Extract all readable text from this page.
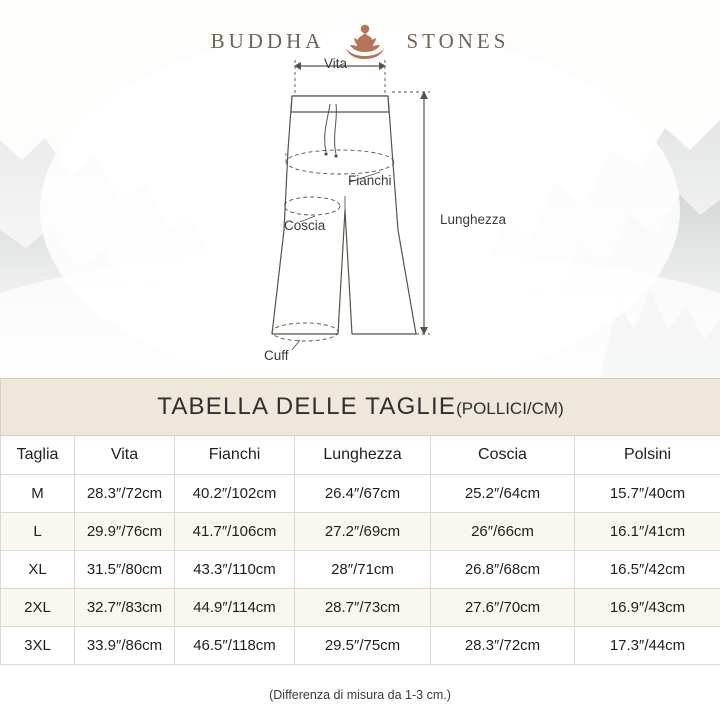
BUDDHA	STONES
Vita
Fianchi
Coscia	Lunghezza
Cuff
TABELLA DELLE TAGLIE(POLLICI/CM)					
Taglia	Vita	Fianchi	Lunghezza	Coscia	Polsini
M	28.3″/72cm	40.2″/102cm	26.4″/67cm	25.2″/64cm	15.7″/40cm
L	29.9″/76cm	41.7″/106cm	27.2″/69cm	26″/66cm	16.1″/41cm
XL	31.5″/80cm	43.3″/110cm	28″/71cm	26.8″/68cm	16.5″/42cm
2XL	32.7″/83cm	44.9″/114cm	28.7″/73cm	27.6″/70cm	16.9″/43cm
3XL	33.9″/86cm	46.5″/118cm	29.5″/75cm	28.3″/72cm	17.3″/44cm
(Differenza di misura da 1-3 cm.)
